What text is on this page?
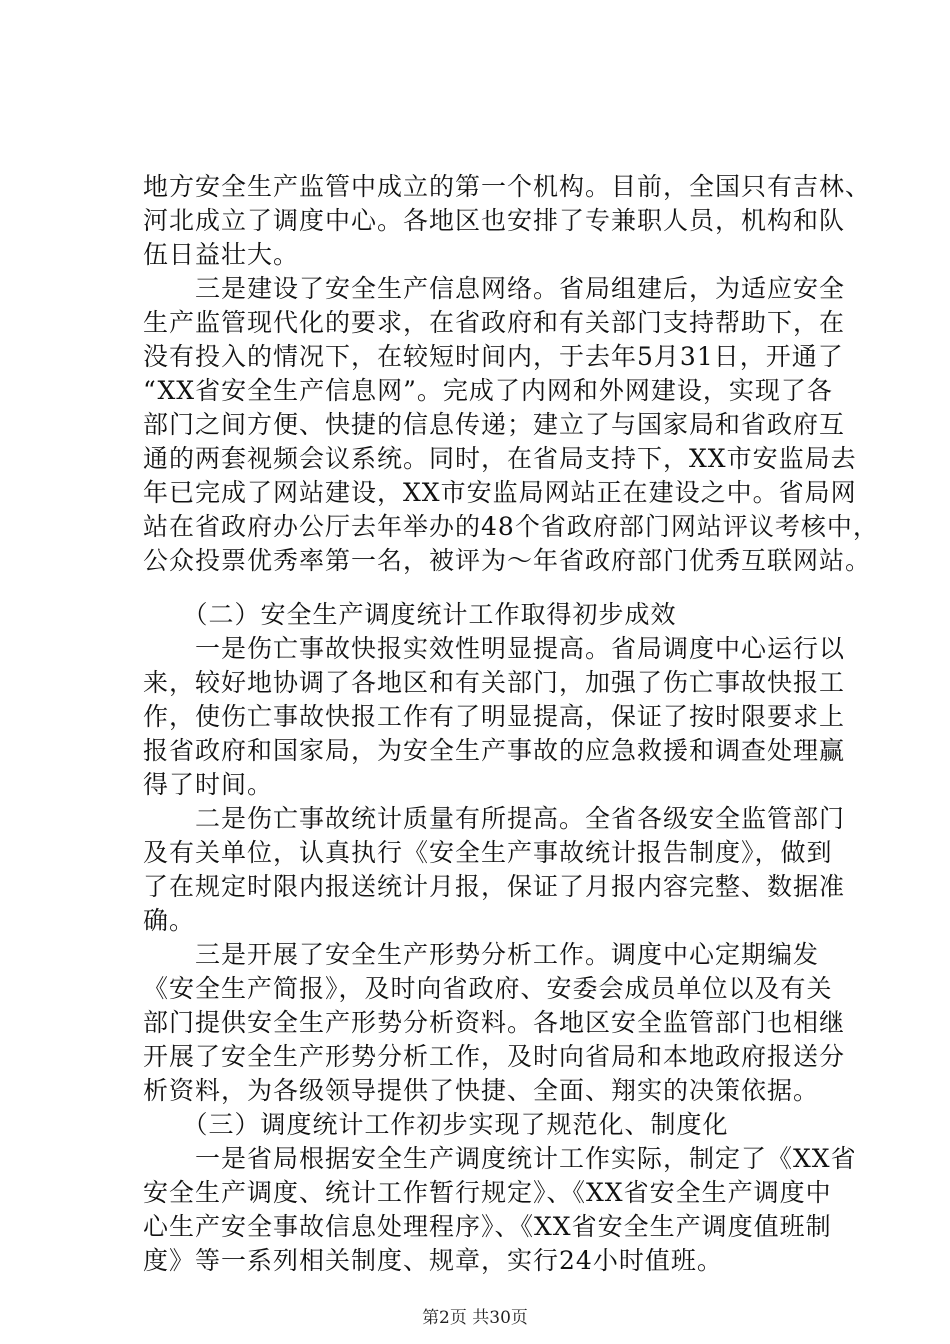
地方安全生产监管中成立的第一个机构。目前，全国只有吉林、
河北成立了调度中心。各地区也安排了专兼职人员，机构和队
伍日益壮大。
　　三是建设了安全生产信息网络。省局组建后，为适应安全
生产监管现代化的要求，在省政府和有关部门支持帮助下，在
没有投入的情况下，在较短时间内，于去年5月31日，开通了
“XX省安全生产信息网”。完成了内网和外网建设，实现了各
部门之间方便、快捷的信息传递；建立了与国家局和省政府互
通的两套视频会议系统。同时，在省局支持下，XX市安监局去
年已完成了网站建设，XX市安监局网站正在建设之中。省局网
站在省政府办公厅去年举办的48个省政府部门网站评议考核中，
公众投票优秀率第一名，被评为～年省政府部门优秀互联网站。
　　（二）安全生产调度统计工作取得初步成效
　　一是伤亡事故快报实效性明显提高。省局调度中心运行以
来，较好地协调了各地区和有关部门，加强了伤亡事故快报工
作，使伤亡事故快报工作有了明显提高，保证了按时限要求上
报省政府和国家局，为安全生产事故的应急救援和调查处理赢
得了时间。
　　二是伤亡事故统计质量有所提高。全省各级安全监管部门
及有关单位，认真执行《安全生产事故统计报告制度》，做到
了在规定时限内报送统计月报，保证了月报内容完整、数据准
确。
　　三是开展了安全生产形势分析工作。调度中心定期编发
《安全生产简报》，及时向省政府、安委会成员单位以及有关
部门提供安全生产形势分析资料。各地区安全监管部门也相继
开展了安全生产形势分析工作，及时向省局和本地政府报送分
析资料，为各级领导提供了快捷、全面、翔实的决策依据。
　　（三）调度统计工作初步实现了规范化、制度化
　　一是省局根据安全生产调度统计工作实际，制定了《XX省
安全生产调度、统计工作暂行规定》、《XX省安全生产调度中
心生产安全事故信息处理程序》、《XX省安全生产调度值班制
度》等一系列相关制度、规章，实行24小时值班。
第2页 共30页
